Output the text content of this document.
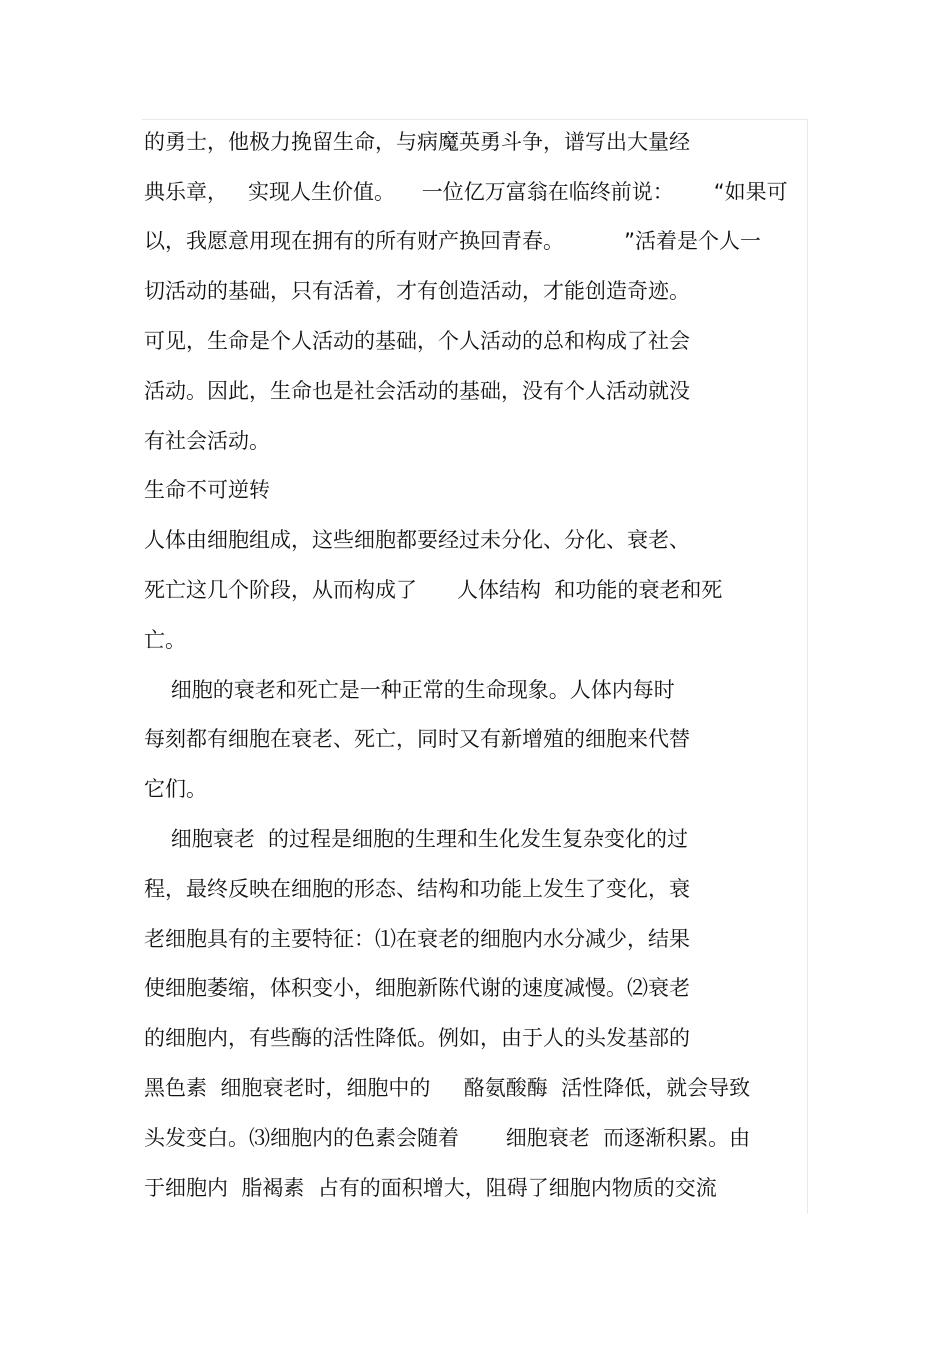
的勇士，他极力挽留生命，与病魔英勇斗争，谱写出大量经
典乐章，   实现人生价值。    一位亿万富翁在临终前说：      “如果可
以，我愿意用现在拥有的所有财产换回青春。         ”活着是个人一
切活动的基础，只有活着，才有创造活动，才能创造奇迹。
可见，生命是个人活动的基础，个人活动的总和构成了社会
活动。因此，生命也是社会活动的基础，没有个人活动就没
有社会活动。
生命不可逆转
人体由细胞组成，这些细胞都要经过未分化、分化、衰老、
死亡这几个阶段，从而构成了      人体结构  和功能的衰老和死
亡。
细胞的衰老和死亡是一种正常的生命现象。人体内每时
每刻都有细胞在衰老、死亡，同时又有新增殖的细胞来代替
它们。
细胞衰老  的过程是细胞的生理和生化发生复杂变化的过
程，最终反映在细胞的形态、结构和功能上发生了变化，衰
老细胞具有的主要特征：⑴在衰老的细胞内水分减少，结果
使细胞萎缩，体积变小，细胞新陈代谢的速度减慢。⑵衰老
的细胞内，有些酶的活性降低。例如，由于人的头发基部的
黑色素  细胞衰老时，细胞中的     酪氨酸酶  活性降低，就会导致
头发变白。⑶细胞内的色素会随着       细胞衰老  而逐渐积累。由
于细胞内  脂褐素  占有的面积增大，阻碍了细胞内物质的交流
